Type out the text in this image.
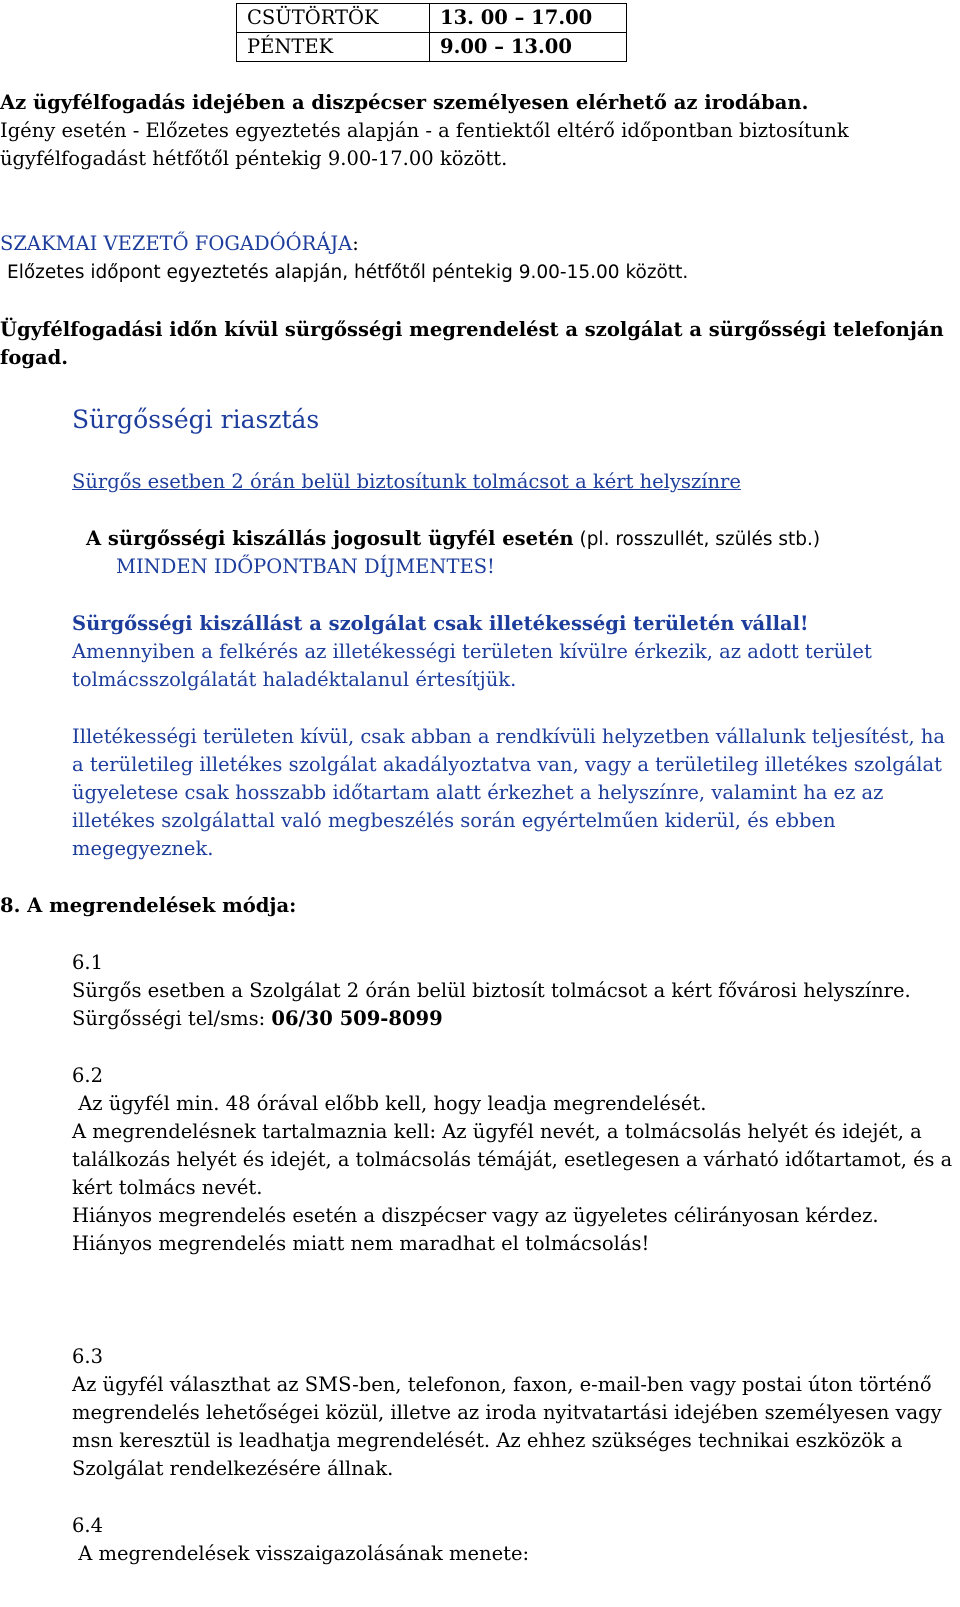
CSÜTÖRTÖK	13. 00 – 17.00
PÉNTEK	9.00 – 13.00
Az ügyfélfogadás idejében a diszpécser személyesen elérhető az irodában.
Igény esetén - Előzetes egyeztetés alapján - a fentiektől eltérő időpontban biztosítunk
ügyfélfogadást hétfőtől péntekig 9.00-17.00 között.
SZAKMAI VEZETŐ FOGADÓÓRÁJA:
Előzetes időpont egyeztetés alapján, hétfőtől péntekig 9.00-15.00 között.
Ügyfélfogadási időn kívül sürgősségi megrendelést a szolgálat a sürgősségi telefonján
fogad.
Sürgősségi riasztás
Sürgős esetben 2 órán belül biztosítunk tolmácsot a kért helyszínre
A sürgősségi kiszállás jogosult ügyfél esetén (pl. rosszullét, szülés stb.)
MINDEN IDŐPONTBAN DÍJMENTES!
Sürgősségi kiszállást a szolgálat csak illetékességi területén vállal!
Amennyiben a felkérés az illetékességi területen kívülre érkezik, az adott terület
tolmácsszolgálatát haladéktalanul értesítjük.
Illetékességi területen kívül, csak abban a rendkívüli helyzetben vállalunk teljesítést, ha
a területileg illetékes szolgálat akadályoztatva van, vagy a területileg illetékes szolgálat
ügyeletese csak hosszabb időtartam alatt érkezhet a helyszínre, valamint ha ez az
illetékes szolgálattal való megbeszélés során egyértelműen kiderül, és ebben
megegyeznek.
8. A megrendelések módja:
6.1
Sürgős esetben a Szolgálat 2 órán belül biztosít tolmácsot a kért fővárosi helyszínre.
Sürgősségi tel/sms: 06/30 509-8099
6.2
Az ügyfél min. 48 órával előbb kell, hogy leadja megrendelését.
A megrendelésnek tartalmaznia kell: Az ügyfél nevét, a tolmácsolás helyét és idejét, a
találkozás helyét és idejét, a tolmácsolás témáját, esetlegesen a várható időtartamot, és a
kért tolmács nevét.
Hiányos megrendelés esetén a diszpécser vagy az ügyeletes célirányosan kérdez.
Hiányos megrendelés miatt nem maradhat el tolmácsolás!
6.3
Az ügyfél választhat az SMS-ben, telefonon, faxon, e-mail-ben vagy postai úton történő
megrendelés lehetőségei közül, illetve az iroda nyitvatartási idejében személyesen vagy
msn keresztül is leadhatja megrendelését. Az ehhez szükséges technikai eszközök a
Szolgálat rendelkezésére állnak.
6.4
A megrendelések visszaigazolásának menete:
